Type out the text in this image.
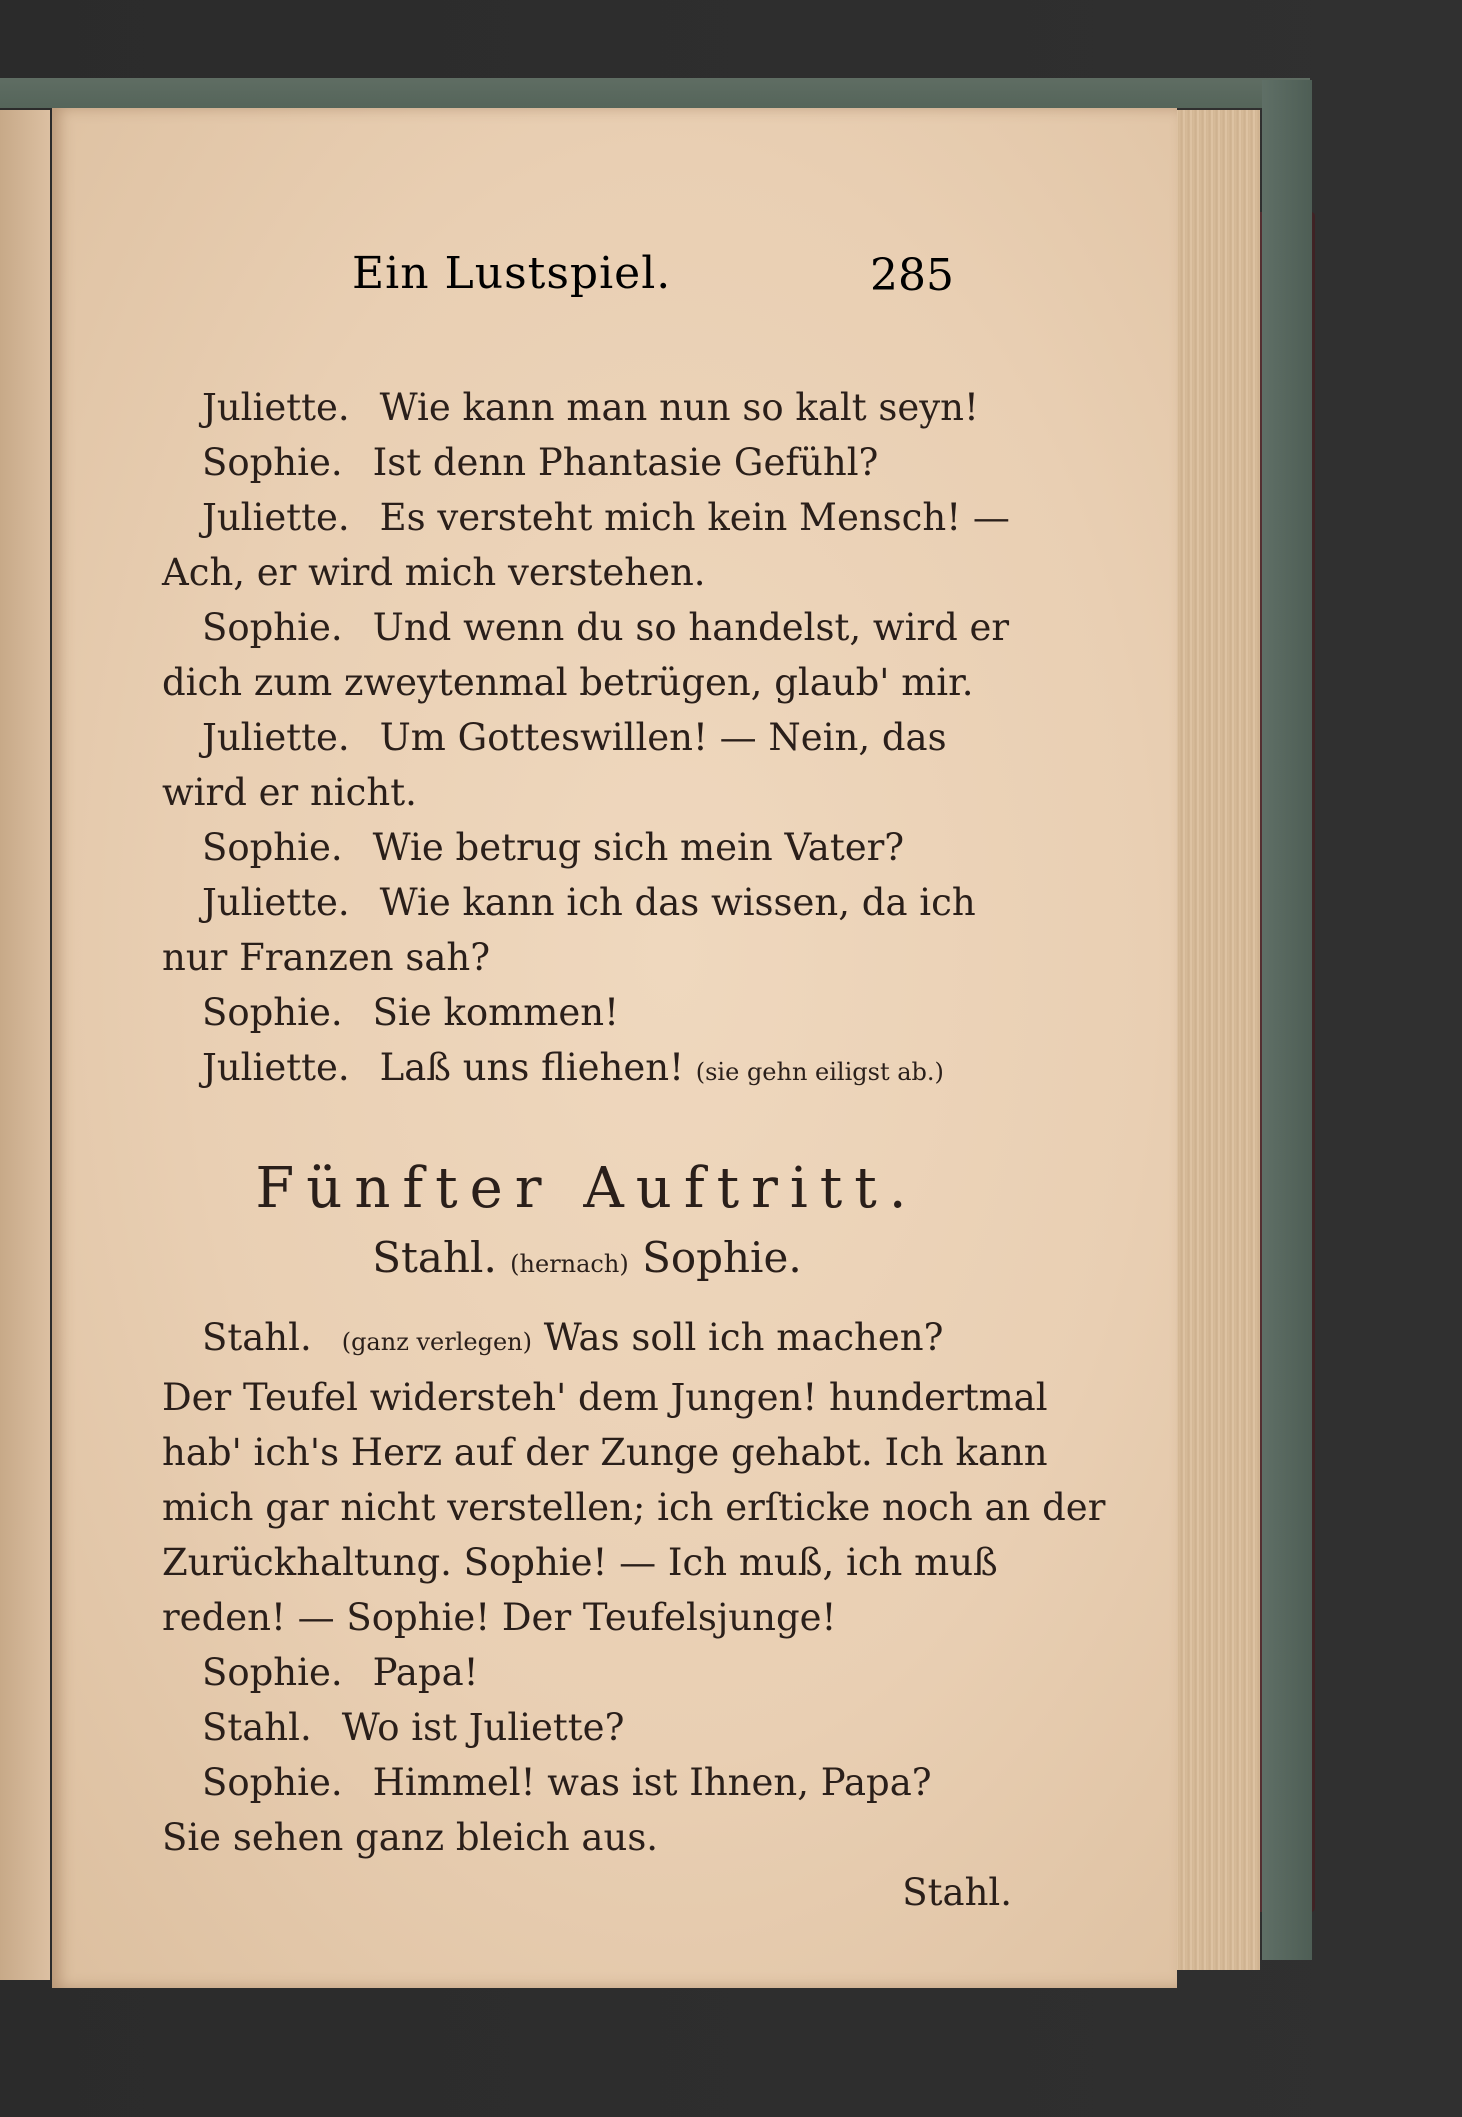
Ein Lustspiel.	285
Juliette. Wie kann man nun so kalt seyn!
Sophie. Ist denn Phantasie Gefühl?
Juliette. Es versteht mich kein Mensch! —
Ach, er wird mich verstehen.
Sophie. Und wenn du so handelst, wird er
dich zum zweytenmal betrügen, glaub' mir.
Juliette. Um Gotteswillen! — Nein, das
wird er nicht.
Sophie. Wie betrug sich mein Vater?
Juliette. Wie kann ich das wissen, da ich
nur Franzen sah?
Sophie. Sie kommen!
Juliette. Laß uns fliehen! (sie gehn eiligst ab.)
Fünfter Auftritt.
Stahl. (hernach) Sophie.
Stahl. (ganz verlegen) Was soll ich machen?
Der Teufel widersteh' dem Jungen! hundertmal
hab' ich's Herz auf der Zunge gehabt. Ich kann
mich gar nicht verstellen; ich erſticke noch an der
Zurückhaltung. Sophie! — Ich muß, ich muß
reden! — Sophie! Der Teufelsjunge!
Sophie. Papa!
Stahl. Wo ist Juliette?
Sophie. Himmel! was ist Ihnen, Papa?
Sie sehen ganz bleich aus.
Stahl.
